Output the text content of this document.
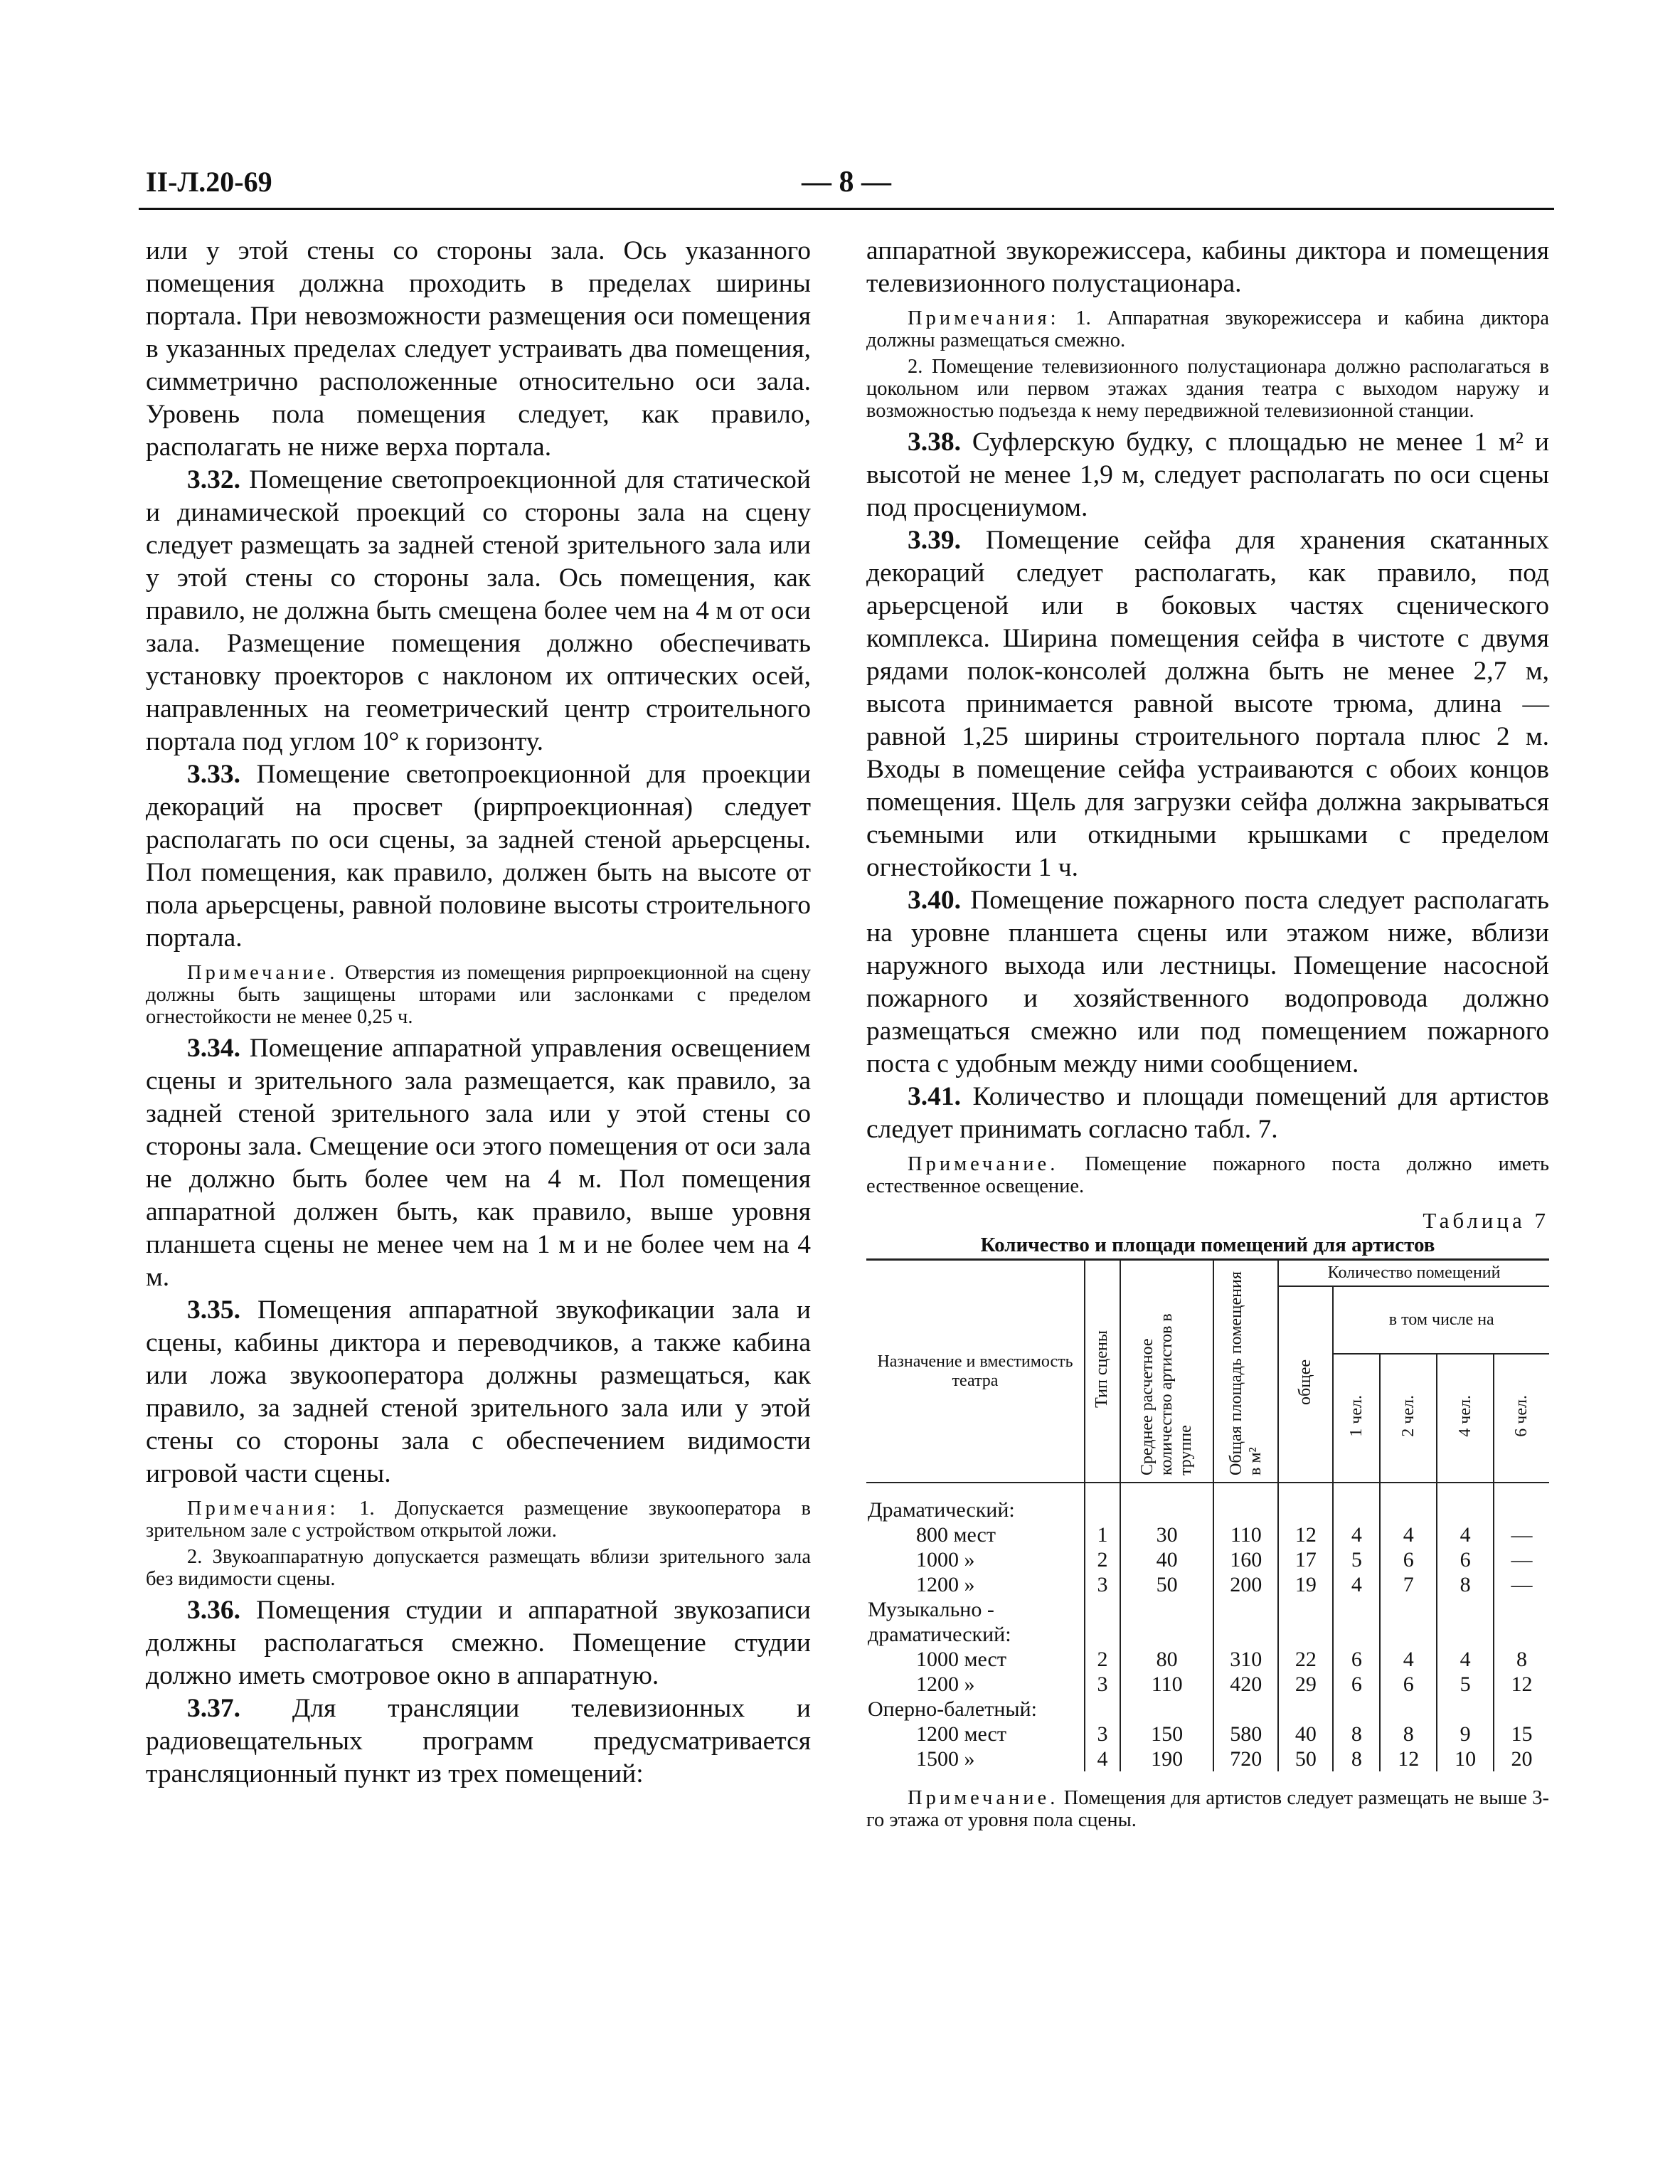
II-Л.20-69	— 8 —

или у этой стены со стороны зала. Ось указанного помещения должна проходить в пределах ширины портала. При невозможности размещения оси помещения в указанных пределах следует устраивать два помещения, симметрично расположенные относительно оси зала. Уровень пола помещения следует, как правило, располагать не ниже верха портала.

3.32. Помещение светопроекционной для статической и динамической проекций со стороны зала на сцену следует размещать за задней стеной зрительного зала или у этой стены со стороны зала. Ось помещения, как правило, не должна быть смещена более чем на 4 м от оси зала. Размещение помещения должно обеспечивать установку проекторов с наклоном их оптических осей, направленных на геометрический центр строительного портала под углом 10° к горизонту.

3.33. Помещение светопроекционной для проекции декораций на просвет (рирпроекционная) следует располагать по оси сцены, за задней стеной арьерсцены. Пол помещения, как правило, должен быть на высоте от пола арьерсцены, равной половине высоты строительного портала.

Примечание. Отверстия из помещения рирпроекционной на сцену должны быть защищены шторами или заслонками с пределом огнестойкости не менее 0,25 ч.

3.34. Помещение аппаратной управления освещением сцены и зрительного зала размещается, как правило, за задней стеной зрительного зала или у этой стены со стороны зала. Смещение оси этого помещения от оси зала не должно быть более чем на 4 м. Пол помещения аппаратной должен быть, как правило, выше уровня планшета сцены не менее чем на 1 м и не более чем на 4 м.

3.35. Помещения аппаратной звукофикации зала и сцены, кабины диктора и переводчиков, а также кабина или ложа звукооператора должны размещаться, как правило, за задней стеной зрительного зала или у этой стены со стороны зала с обеспечением видимости игровой части сцены.

Примечания: 1. Допускается размещение звукооператора в зрительном зале с устройством открытой ложи.

2. Звукоаппаратную допускается размещать вблизи зрительного зала без видимости сцены.

3.36. Помещения студии и аппаратной звукозаписи должны располагаться смежно. Помещение студии должно иметь смотровое окно в аппаратную.

3.37. Для трансляции телевизионных и радиовещательных программ предусматривается трансляционный пункт из трех помещений:

аппаратной звукорежиссера, кабины диктора и помещения телевизионного полустационара.

Примечания: 1. Аппаратная звукорежиссера и кабина диктора должны размещаться смежно.

2. Помещение телевизионного полустационара должно располагаться в цокольном или первом этажах здания театра с выходом наружу и возможностью подъезда к нему передвижной телевизионной станции.

3.38. Суфлерскую будку, с площадью не менее 1 м² и высотой не менее 1,9 м, следует располагать по оси сцены под просцениумом.

3.39. Помещение сейфа для хранения скатанных декораций следует располагать, как правило, под арьерсценой или в боковых частях сценического комплекса. Ширина помещения сейфа в чистоте с двумя рядами полок-консолей должна быть не менее 2,7 м, высота принимается равной высоте трюма, длина — равной 1,25 ширины строительного портала плюс 2 м. Входы в помещение сейфа устраиваются с обоих концов помещения. Щель для загрузки сейфа должна закрываться съемными или откидными крышками с пределом огнестойкости 1 ч.

3.40. Помещение пожарного поста следует располагать на уровне планшета сцены или этажом ниже, вблизи наружного выхода или лестницы. Помещение насосной пожарного и хозяйственного водопровода должно размещаться смежно или под помещением пожарного поста с удобным между ними сообщением.

3.41. Количество и площади помещений для артистов следует принимать согласно табл. 7.

Примечание. Помещение пожарного поста должно иметь естественное освещение.

Таблица 7
Количество и площади помещений для артистов
Назначение и вместимость театра	Тип сцены	Среднее расчетное количество артистов в труппе	Общая площадь помещения в м²	Количество помещений				
				общее	в том числе на			
					1 чел.	2 чел.	4 чел.	6 чел.
Драматический:								
800 мест	1	30	110	12	4	4	4	—
1000 »	2	40	160	17	5	6	6	—
1200 »	3	50	200	19	4	7	8	—
Музыкально - драматический:								
1000 мест	2	80	310	22	6	4	4	8
1200 »	3	110	420	29	6	6	5	12
Оперно-балетный:								
1200 мест	3	150	580	40	8	8	9	15
1500 »	4	190	720	50	8	12	10	20

Примечание. Помещения для артистов следует размещать не выше 3-го этажа от уровня пола сцены.
